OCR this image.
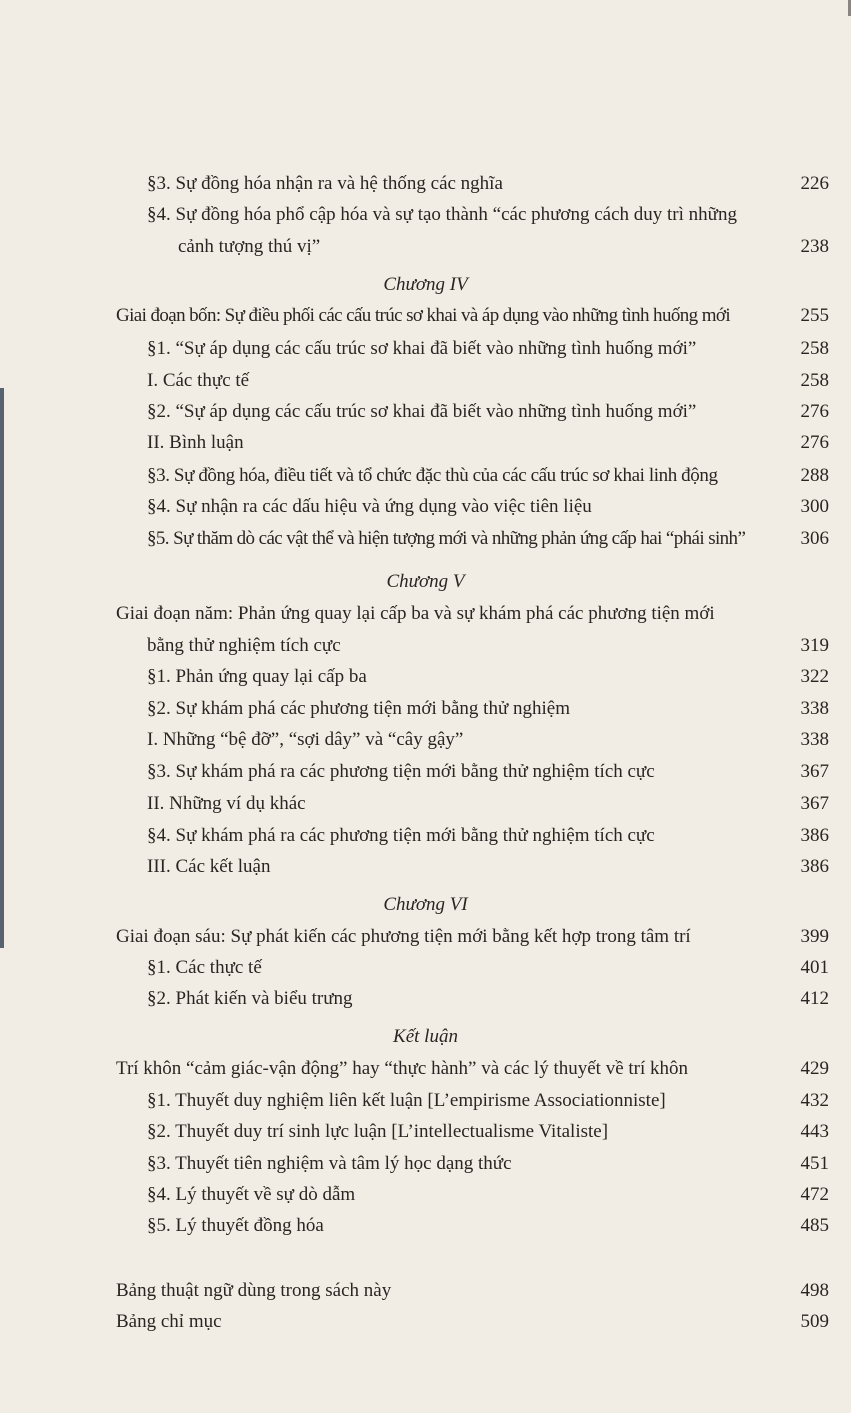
§3. Sự đồng hóa nhận ra và hệ thống các nghĩa	226
§4. Sự đồng hóa phổ cập hóa và sự tạo thành “các phương cách duy trì những
cảnh tượng thú vị”	238
Chương IV
Giai đoạn bốn: Sự điều phối các cấu trúc sơ khai và áp dụng vào những tình huống mới	255
§1. “Sự áp dụng các cấu trúc sơ khai đã biết vào những tình huống mới”	258
I. Các thực tế	258
§2. “Sự áp dụng các cấu trúc sơ khai đã biết vào những tình huống mới”	276
II. Bình luận	276
§3. Sự đồng hóa, điều tiết và tổ chức đặc thù của các cấu trúc sơ khai linh động	288
§4. Sự nhận ra các dấu hiệu và ứng dụng vào việc tiên liệu	300
§5. Sự thăm dò các vật thể và hiện tượng mới và những phản ứng cấp hai “phái sinh”	306
Chương V
Giai đoạn năm: Phản ứng quay lại cấp ba và sự khám phá các phương tiện mới
bằng thử nghiệm tích cực	319
§1. Phản ứng quay lại cấp ba	322
§2. Sự khám phá các phương tiện mới bằng thử nghiệm	338
I. Những “bệ đỡ”, “sợi dây” và “cây gậy”	338
§3. Sự khám phá ra các phương tiện mới bằng thử nghiệm tích cực	367
II. Những ví dụ khác	367
§4. Sự khám phá ra các phương tiện mới bằng thử nghiệm tích cực	386
III. Các kết luận	386
Chương VI
Giai đoạn sáu: Sự phát kiến các phương tiện mới bằng kết hợp trong tâm trí	399
§1. Các thực tế	401
§2. Phát kiến và biểu trưng	412
Kết luận
Trí khôn “cảm giác-vận động” hay “thực hành” và các lý thuyết về trí khôn	429
§1. Thuyết duy nghiệm liên kết luận [L’empirisme Associationniste]	432
§2. Thuyết duy trí sinh lực luận [L’intellectualisme Vitaliste]	443
§3. Thuyết tiên nghiệm và tâm lý học dạng thức	451
§4. Lý thuyết về sự dò dẫm	472
§5. Lý thuyết đồng hóa	485
Bảng thuật ngữ dùng trong sách này	498
Bảng chỉ mục	509
